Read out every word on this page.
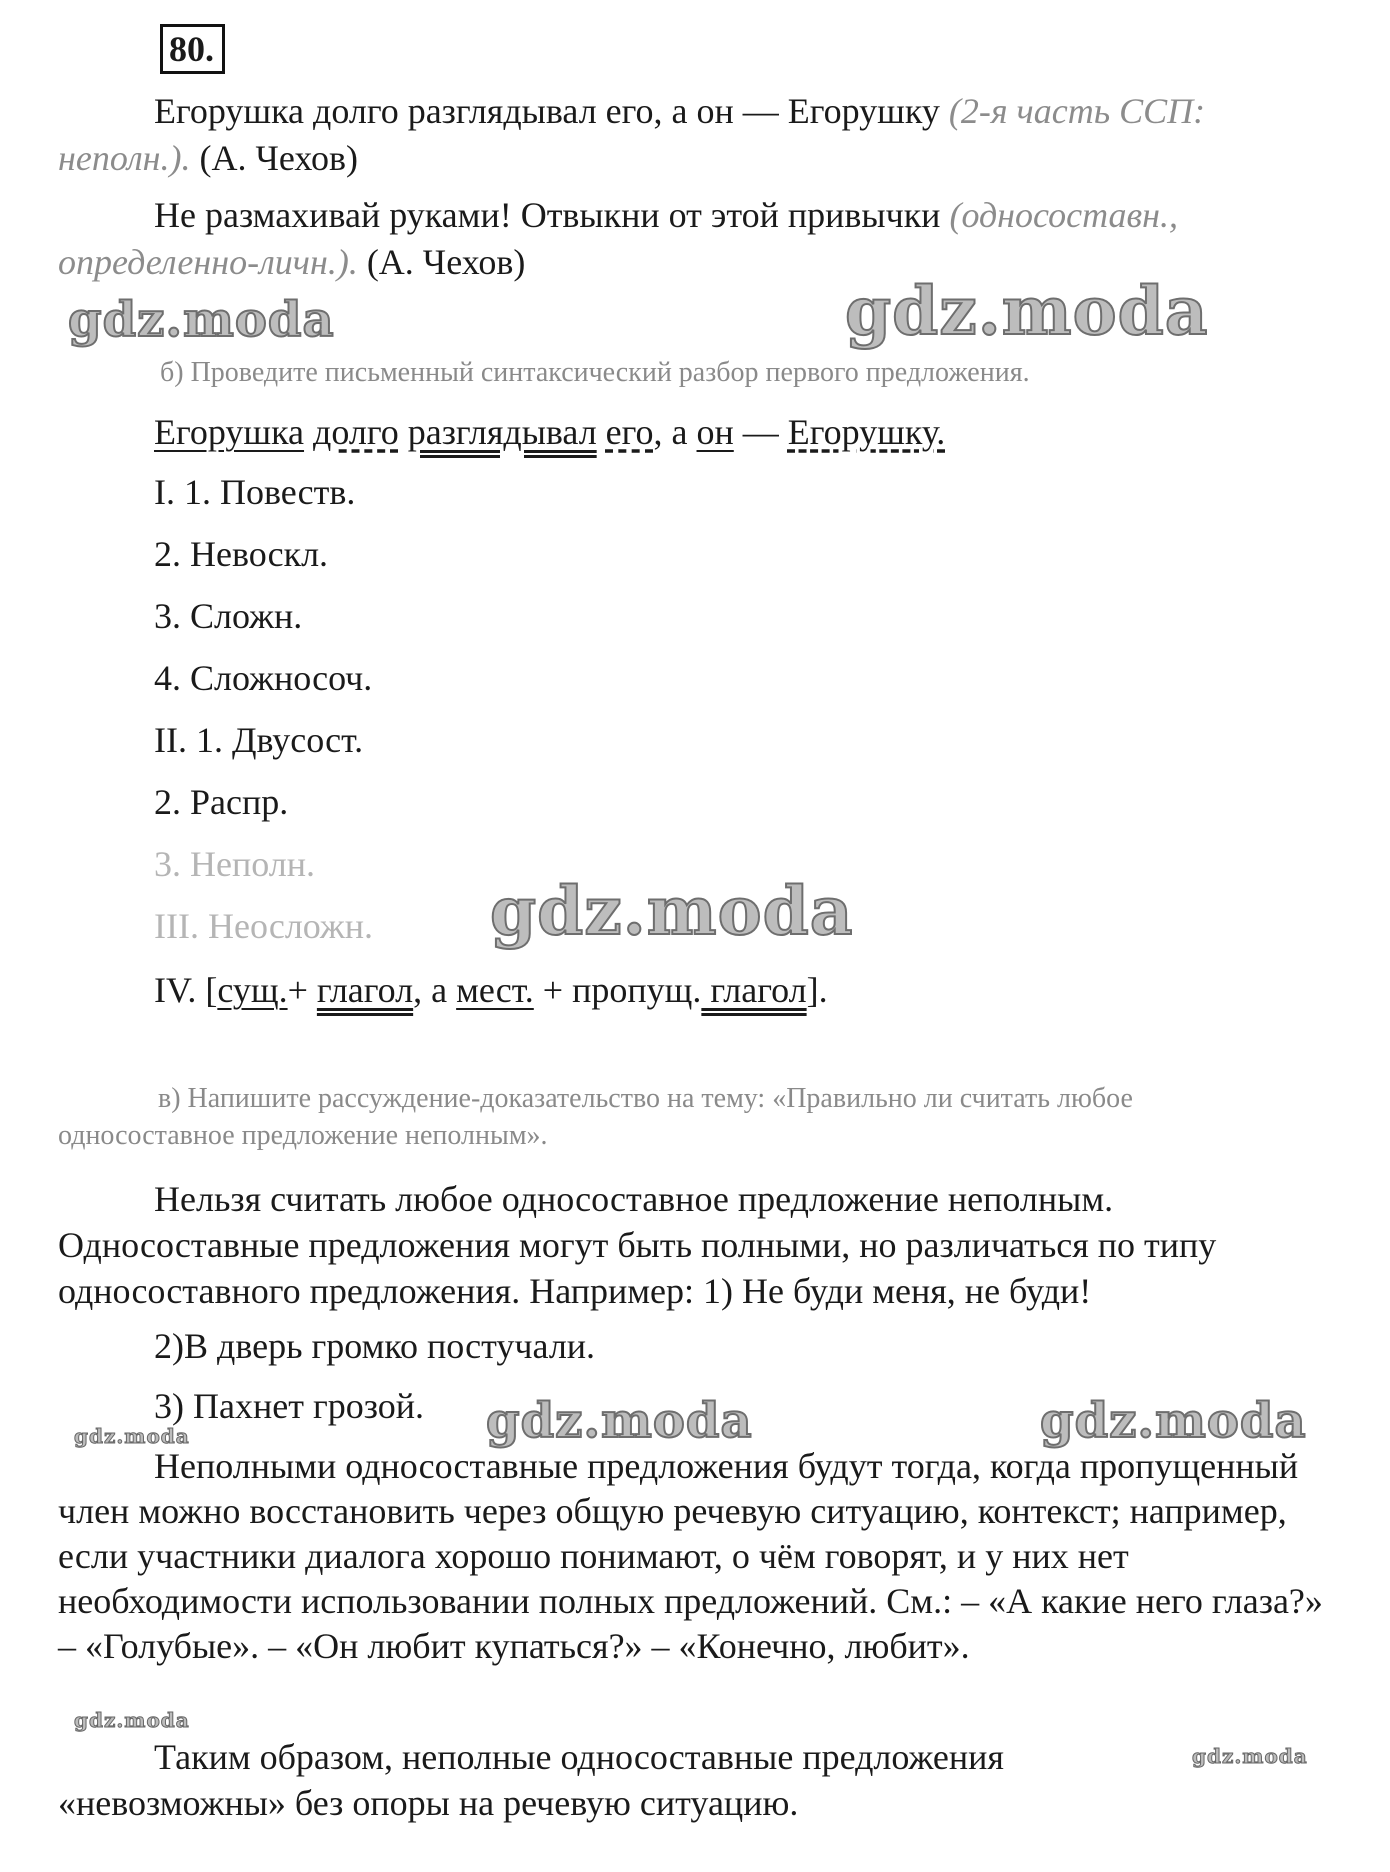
80.

Егорушка долго разглядывал его, а он — Егорушку (2-я часть ССП: неполн.). (А. Чехов)

Не размахивай руками! Отвыкни от этой привычки (односоставн., определенно-личн.). (А. Чехов)

gdz.moda	gdz.moda

б) Проведите письменный синтаксический разбор первого предложения.

Егорушка долго разглядывал его, а он — Егорушку.

I. 1. Повеств.

2. Невоскл.

3. Сложн.

4. Сложносоч.

II. 1. Двусост.

2. Распр.

3. Неполн.

III. Неосложн. gdz.moda

IV. [сущ.+ глагол, а мест. + пропущ. глагол].

в) Напишите рассуждение-доказательство на тему: «Правильно ли считать любое односоставное предложение неполным».

Нельзя считать любое односоставное предложение неполным. Односоставные предложения могут быть полными, но различаться по типу односоставного предложения. Например: 1) Не буди меня, не буди!

2)В дверь громко постучали.

3) Пахнет грозой. gdz.moda	gdz.moda
gdz.moda

Неполными односоставные предложения будут тогда, когда пропущенный член можно восстановить через общую речевую ситуацию, контекст; например, если участники диалога хорошо понимают, о чём говорят, и у них нет необходимости использовании полных предложений. См.: – «А какие него глаза?» – «Голубые». – «Он любит купаться?» – «Конечно, любит».

gdz.moda

Таким образом, неполные односоставные предложения «невозможны» без опоры на речевую ситуацию.

gdz.moda
